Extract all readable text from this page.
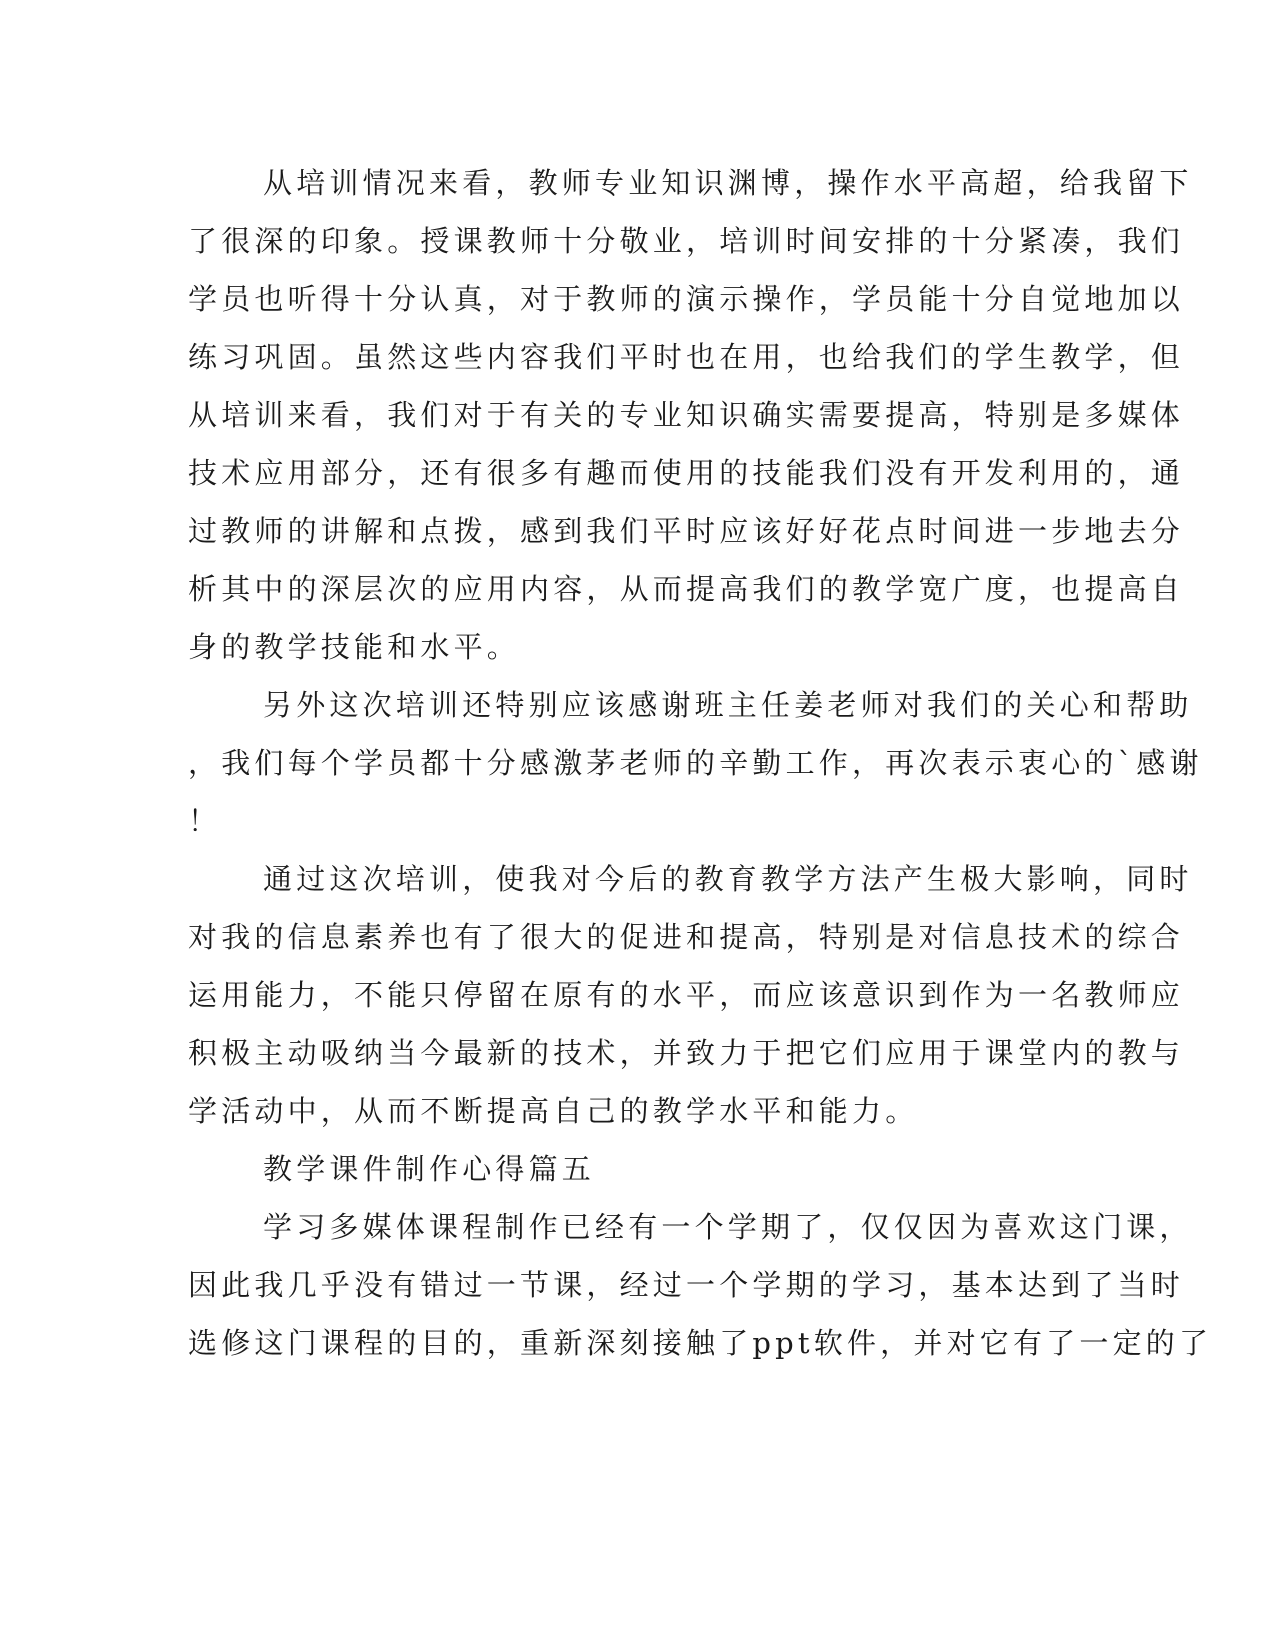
从培训情况来看，教师专业知识渊博，操作水平高超，给我留下
了很深的印象。授课教师十分敬业，培训时间安排的十分紧凑，我们
学员也听得十分认真，对于教师的演示操作，学员能十分自觉地加以
练习巩固。虽然这些内容我们平时也在用，也给我们的学生教学，但
从培训来看，我们对于有关的专业知识确实需要提高，特别是多媒体
技术应用部分，还有很多有趣而使用的技能我们没有开发利用的，通
过教师的讲解和点拨，感到我们平时应该好好花点时间进一步地去分
析其中的深层次的应用内容，从而提高我们的教学宽广度，也提高自
身的教学技能和水平。
另外这次培训还特别应该感谢班主任姜老师对我们的关心和帮助
，我们每个学员都十分感激茅老师的辛勤工作，再次表示衷心的`感谢
！
通过这次培训，使我对今后的教育教学方法产生极大影响，同时
对我的信息素养也有了很大的促进和提高，特别是对信息技术的综合
运用能力，不能只停留在原有的水平，而应该意识到作为一名教师应
积极主动吸纳当今最新的技术，并致力于把它们应用于课堂内的教与
学活动中，从而不断提高自己的教学水平和能力。
教学课件制作心得篇五
学习多媒体课程制作已经有一个学期了，仅仅因为喜欢这门课，
因此我几乎没有错过一节课，经过一个学期的学习，基本达到了当时
选修这门课程的目的，重新深刻接触了ppt软件，并对它有了一定的了
